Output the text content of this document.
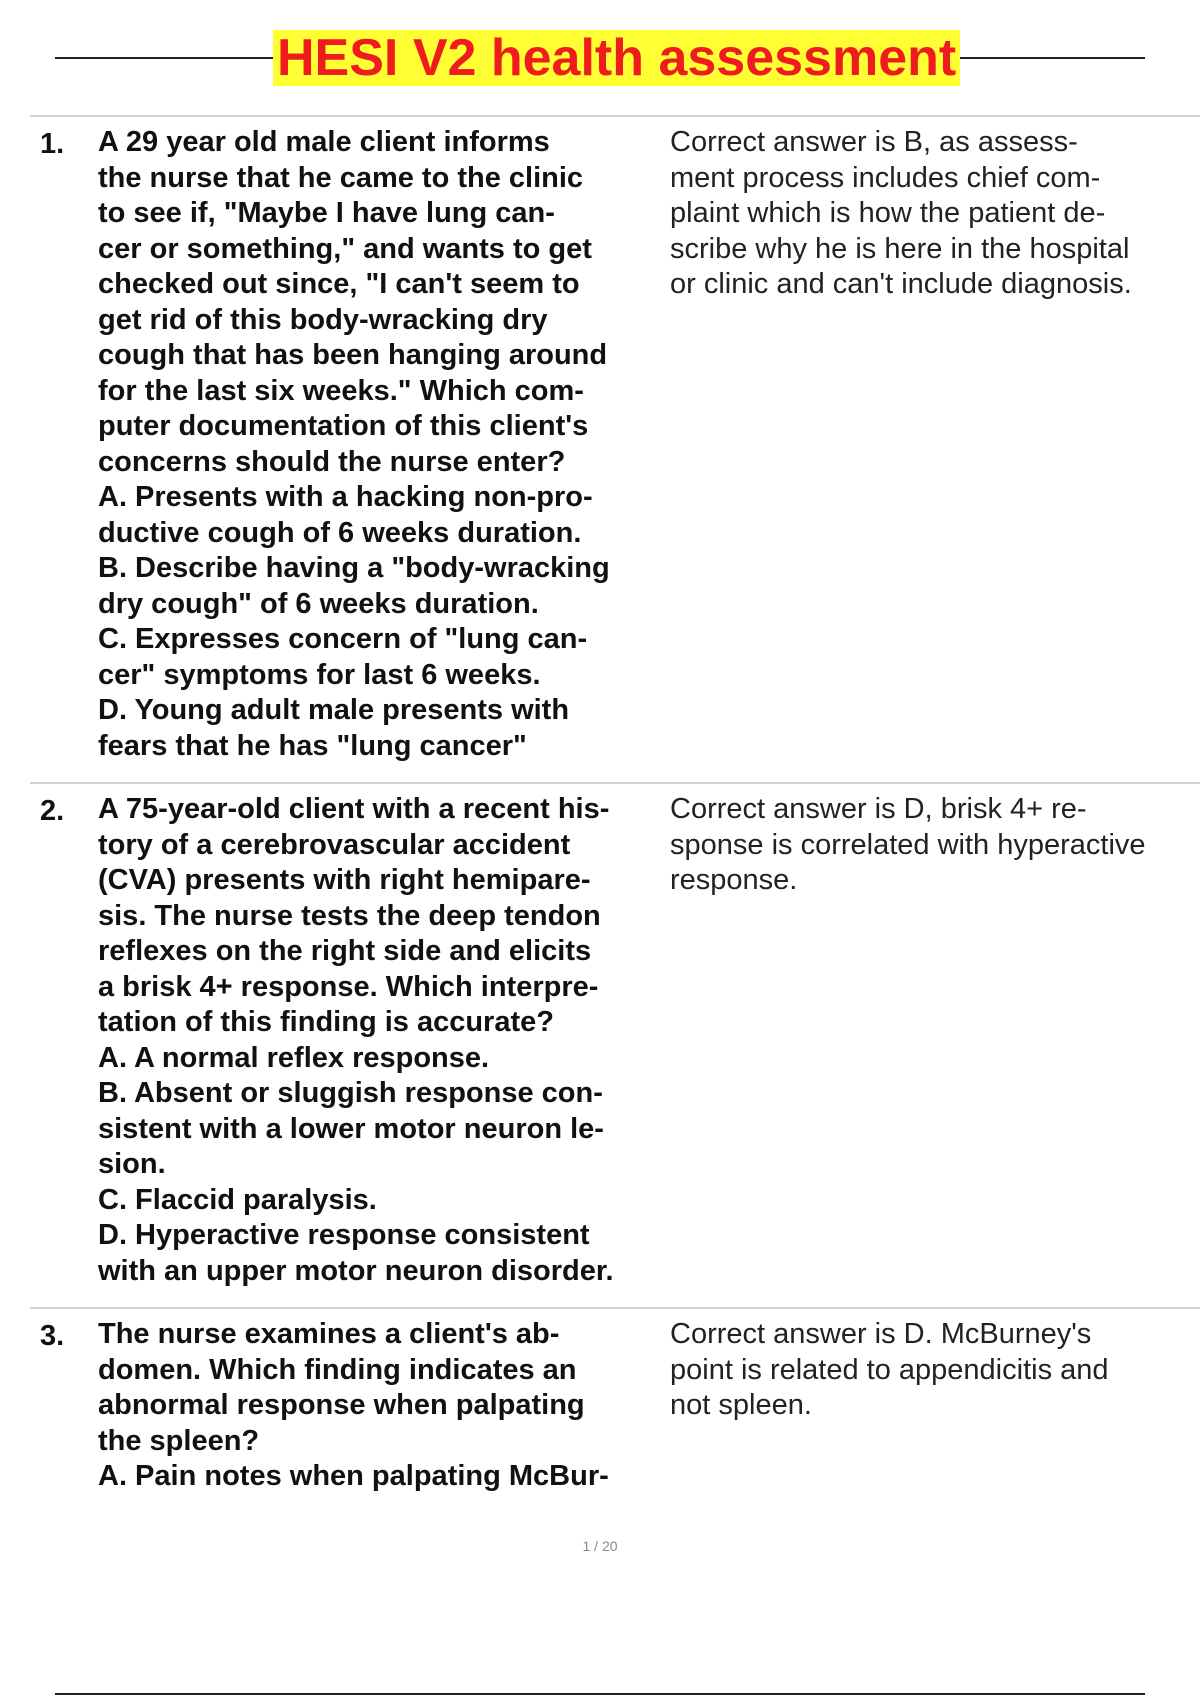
HESI V2 health assessment
1. A 29 year old male client informs
the nurse that he came to the clinic
to see if, "Maybe I have lung can-
cer or something," and wants to get
checked out since, "I can't seem to
get rid of this body-wracking dry
cough that has been hanging around
for the last six weeks." Which com-
puter documentation of this client's
concerns should the nurse enter?
A. Presents with a hacking non-pro-
ductive cough of 6 weeks duration.
B. Describe having a "body-wracking
dry cough" of 6 weeks duration.
C. Expresses concern of "lung can-
cer" symptoms for last 6 weeks.
D. Young adult male presents with
fears that he has "lung cancer"
Correct answer is B, as assess-
ment process includes chief com-
plaint which is how the patient de-
scribe why he is here in the hospital
or clinic and can't include diagnosis.
2. A 75-year-old client with a recent his-
tory of a cerebrovascular accident
(CVA) presents with right hemipare-
sis. The nurse tests the deep tendon
reflexes on the right side and elicits
a brisk 4+ response. Which interpre-
tation of this finding is accurate?
A. A normal reflex response.
B. Absent or sluggish response con-
sistent with a lower motor neuron le-
sion.
C. Flaccid paralysis.
D. Hyperactive response consistent
with an upper motor neuron disorder.
Correct answer is D, brisk 4+ re-
sponse is correlated with hyperactive
response.
3. The nurse examines a client's ab-
domen. Which finding indicates an
abnormal response when palpating
the spleen?
A. Pain notes when palpating McBur-
Correct answer is D. McBurney's
point is related to appendicitis and
not spleen.
1 / 20
